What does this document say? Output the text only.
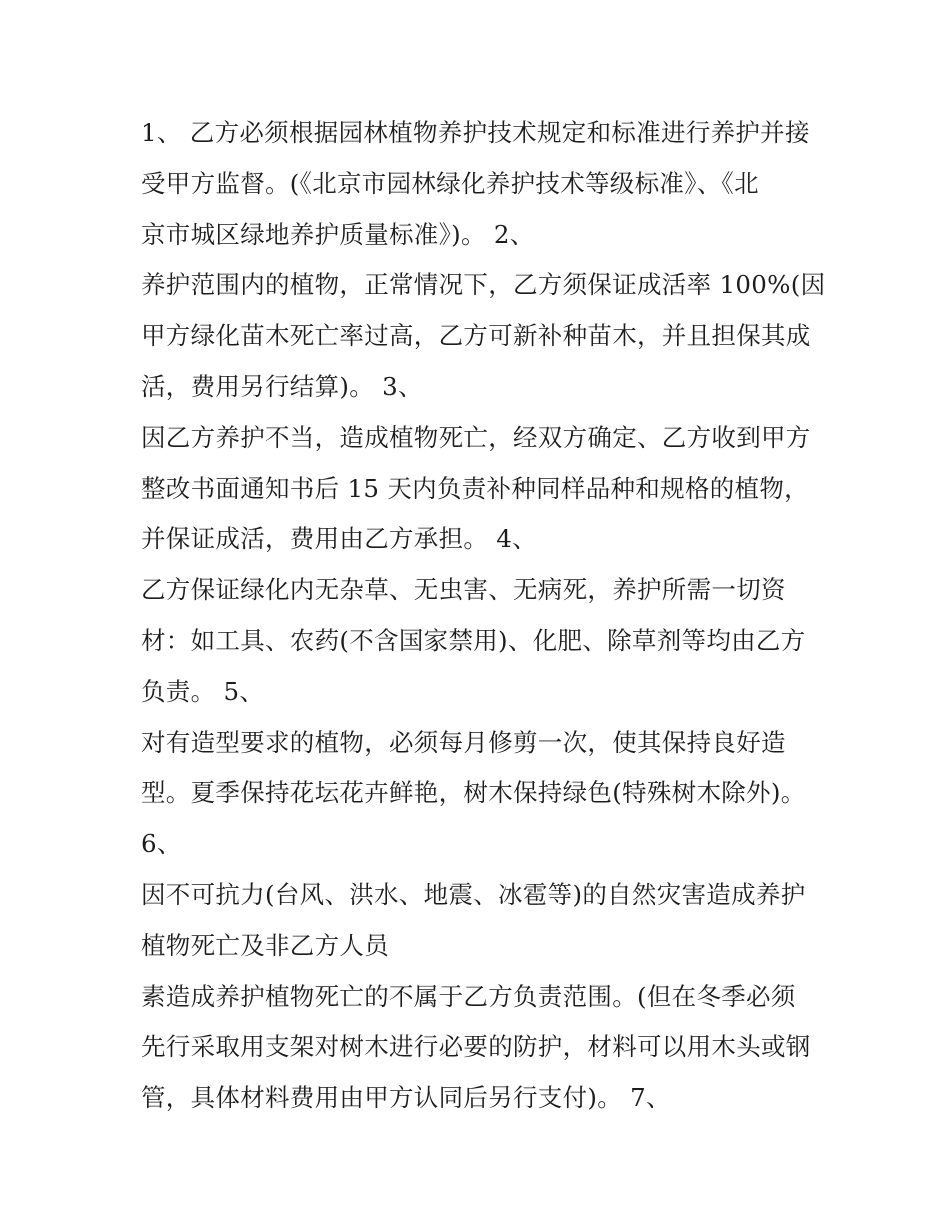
1、 乙方必须根据园林植物养护技术规定和标准进行养护并接
受甲方监督。(《北京市园林绿化养护技术等级标准》、《北
京市城区绿地养护质量标准》)。 2、
养护范围内的植物，正常情况下，乙方须保证成活率 100%(因
甲方绿化苗木死亡率过高，乙方可新补种苗木，并且担保其成
活，费用另行结算)。 3、
因乙方养护不当，造成植物死亡，经双方确定、乙方收到甲方
整改书面通知书后 15 天内负责补种同样品种和规格的植物，
并保证成活，费用由乙方承担。 4、
乙方保证绿化内无杂草、无虫害、无病死，养护所需一切资
材：如工具、农药(不含国家禁用)、化肥、除草剂等均由乙方
负责。 5、
对有造型要求的植物，必须每月修剪一次，使其保持良好造
型。夏季保持花坛花卉鲜艳，树木保持绿色(特殊树木除外)。
6、
因不可抗力(台风、洪水、地震、冰雹等)的自然灾害造成养护
植物死亡及非乙方人员
素造成养护植物死亡的不属于乙方负责范围。(但在冬季必须
先行采取用支架对树木进行必要的防护，材料可以用木头或钢
管，具体材料费用由甲方认同后另行支付)。 7、
